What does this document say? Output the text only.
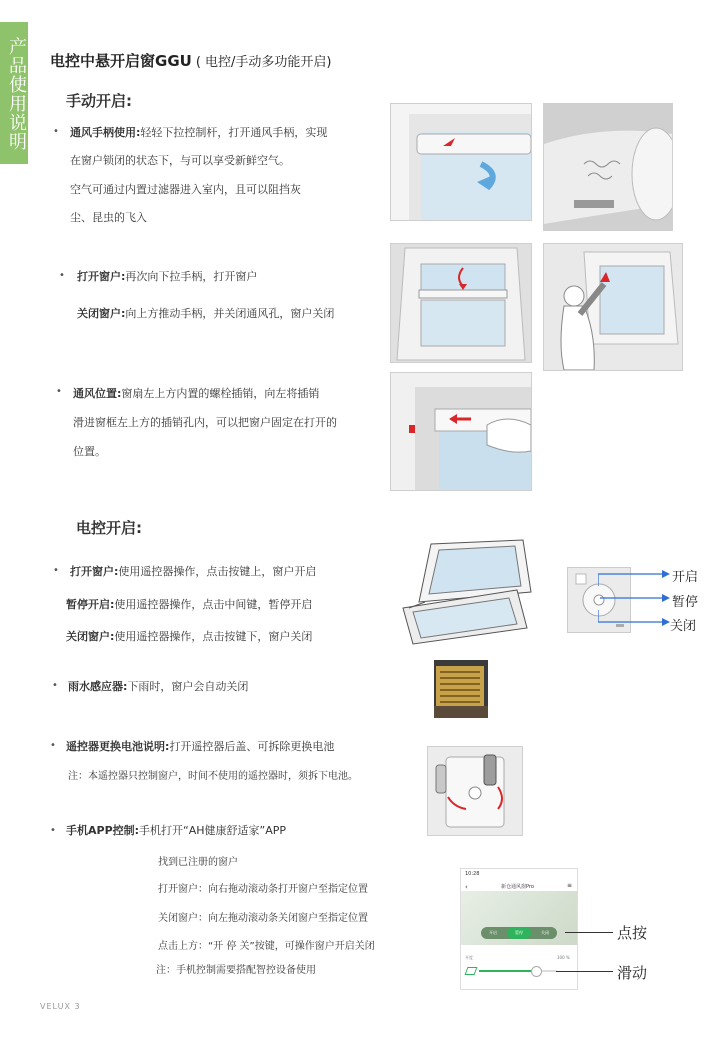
产品使用说明 电控中悬开启窗GGU ( 电控/手动多功能开启)
手动开启:
• 通风手柄使用:轻轻下拉控制杆，打开通风手柄，实现
在窗户锁闭的状态下，与可以享受新鲜空气。
空气可通过内置过滤器进入室内，且可以阻挡灰
尘、昆虫的飞入
• 打开窗户:再次向下拉手柄，打开窗户
关闭窗户:向上方推动手柄，并关闭通风孔，窗户关闭
• 通风位置:窗扇左上方内置的螺栓插销，向左将插销
滑进窗框左上方的插销孔内，可以把窗户固定在打开的
位置。
电控开启:
• 打开窗户:使用遥控器操作，点击按键上，窗户开启
暂停开启:使用遥控器操作，点击中间键，暂停开启
关闭窗户:使用遥控器操作，点击按键下，窗户关闭
• 雨水感应器:下雨时，窗户会自动关闭
• 遥控器更换电池说明:打开遥控器后盖、可拆除更换电池
注：本遥控器只控制窗户，时间不使用的遥控器时，须拆下电池。
• 手机APP控制:手机打开“AH健康舒适家”APP
找到已注册的窗户
打开窗户：向右拖动滚动条打开窗户至指定位置
关闭窗户：向左拖动滚动条关闭窗户至指定位置
点击上方：“开 停 关”按键，可操作窗户开启关闭
注：手机控制需要搭配智控设备使用
开启
暂停
关闭
10:28
‹	新仓通风窗Pro	≡
开启	暂停	关闭
开度	100 %
点按
滑动
VELUX 3
